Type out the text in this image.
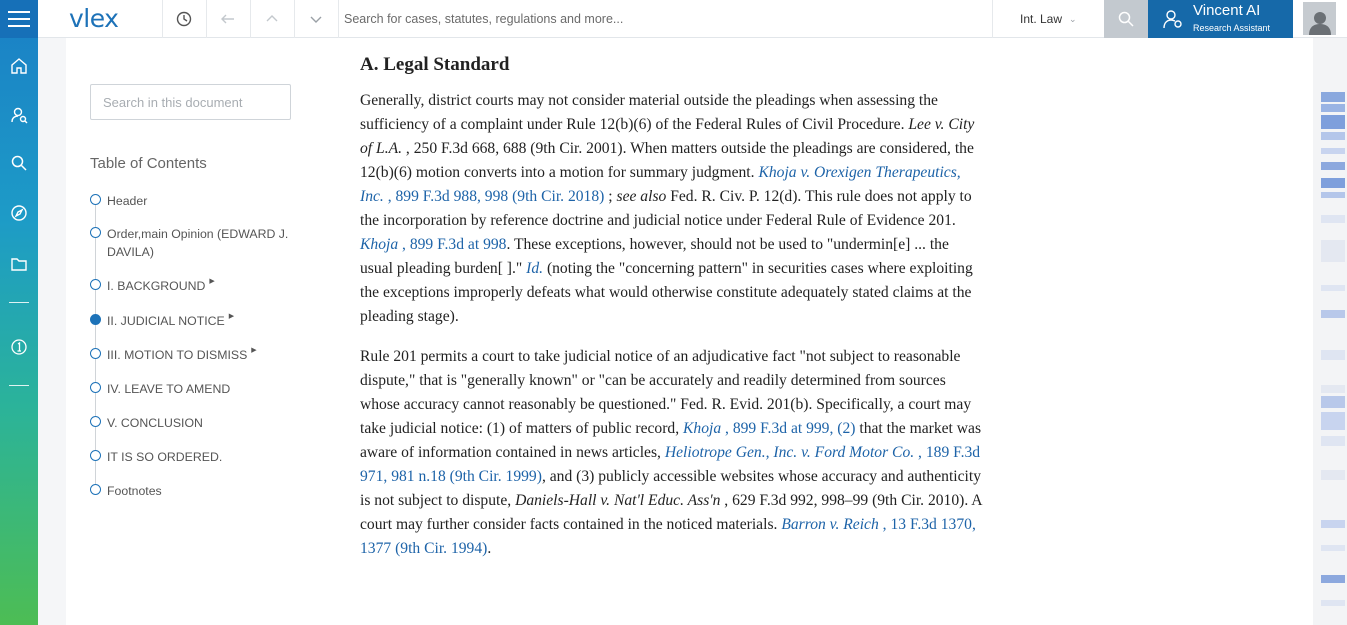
vlex
Search for cases, statutes, regulations and more...	Int. Law ⌄	Vincent AI
Research Assistant
Search in this document
Table of Contents
Header
Order,main Opinion (EDWARD J. DAVILA)
I. BACKGROUND ▶
II. JUDICIAL NOTICE ▶
III. MOTION TO DISMISS ▶
IV. LEAVE TO AMEND
V. CONCLUSION
IT IS SO ORDERED.
Footnotes
A. Legal Standard

Generally, district courts may not consider material outside the pleadings when assessing the sufficiency of a complaint under Rule 12(b)(6) of the Federal Rules of Civil Procedure. Lee v. City of L.A. , 250 F.3d 668, 688 (9th Cir. 2001). When matters outside the pleadings are considered, the 12(b)(6) motion converts into a motion for summary judgment. Khoja v. Orexigen Therapeutics, Inc. , 899 F.3d 988, 998 (9th Cir. 2018) ; see also Fed. R. Civ. P. 12(d). This rule does not apply to the incorporation by reference doctrine and judicial notice under Federal Rule of Evidence 201. Khoja , 899 F.3d at 998. These exceptions, however, should not be used to "undermin[e] ... the usual pleading burden[ ]." Id. (noting the "concerning pattern" in securities cases where exploiting the exceptions improperly defeats what would otherwise constitute adequately stated claims at the pleading stage).

Rule 201 permits a court to take judicial notice of an adjudicative fact "not subject to reasonable dispute," that is "generally known" or "can be accurately and readily determined from sources whose accuracy cannot reasonably be questioned." Fed. R. Evid. 201(b). Specifically, a court may take judicial notice: (1) of matters of public record, Khoja , 899 F.3d at 999, (2) that the market was aware of information contained in news articles, Heliotrope Gen., Inc. v. Ford Motor Co. , 189 F.3d 971, 981 n.18 (9th Cir. 1999), and (3) publicly accessible websites whose accuracy and authenticity is not subject to dispute, Daniels-Hall v. Nat'l Educ. Ass'n , 629 F.3d 992, 998–99 (9th Cir. 2010). A court may further consider facts contained in the noticed materials. Barron v. Reich , 13 F.3d 1370, 1377 (9th Cir. 1994).
